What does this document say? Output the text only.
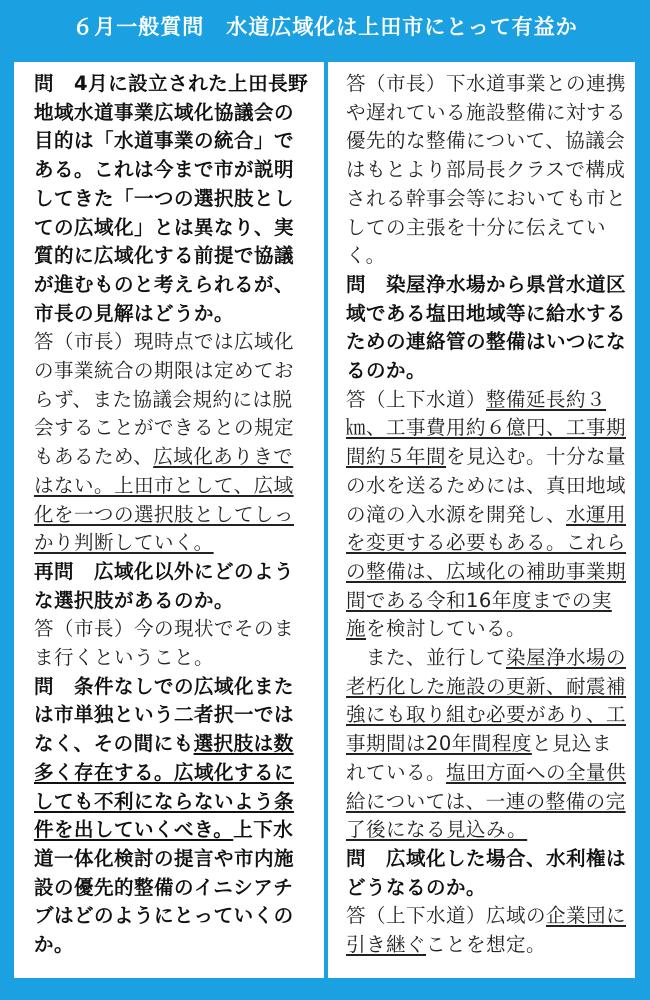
６月一般質問　水道広域化は上田市にとって有益か

問　4月に設立された上田長野地域水道事業広域化協議会の目的は「水道事業の統合」である。これは今まで市が説明してきた「一つの選択肢としての広域化」とは異なり、実質的に広域化する前提で協議が進むものと考えられるが、市長の見解はどうか。

答（市長）現時点では広域化の事業統合の期限は定めておらず、また協議会規約には脱会することができるとの規定もあるため、広域化ありきではない。上田市として、広域化を一つの選択肢としてしっかり判断していく。

再問　広域化以外にどのような選択肢があるのか。

答（市長）今の現状でそのまま行くということ。

問　条件なしでの広域化または市単独という二者択一ではなく、その間にも選択肢は数多く存在する。広域化するにしても不利にならないよう条件を出していくべき。上下水道一体化検討の提言や市内施設の優先的整備のイニシアチブはどのようにとっていくのか。

答（市長）下水道事業との連携や遅れている施設整備に対する優先的な整備について、協議会はもとより部局長クラスで構成される幹事会等においても市としての主張を十分に伝えていく。

問　染屋浄水場から県営水道区域である塩田地域等に給水するための連絡管の整備はいつになるのか。

答（上下水道）整備延長約３㎞、工事費用約６億円、工事期間約５年間を見込む。十分な量の水を送るためには、真田地域の滝の入水源を開発し、水運用を変更する必要もある。これらの整備は、広域化の補助事業期間である令和16年度までの実施を検討している。
　また、並行して染屋浄水場の老朽化した施設の更新、耐震補強にも取り組む必要があり、工事期間は20年間程度と見込まれている。塩田方面への全量供給については、一連の整備の完了後になる見込み。

問　広域化した場合、水利権はどうなるのか。

答（上下水道）広域の企業団に引き継ぐことを想定。
